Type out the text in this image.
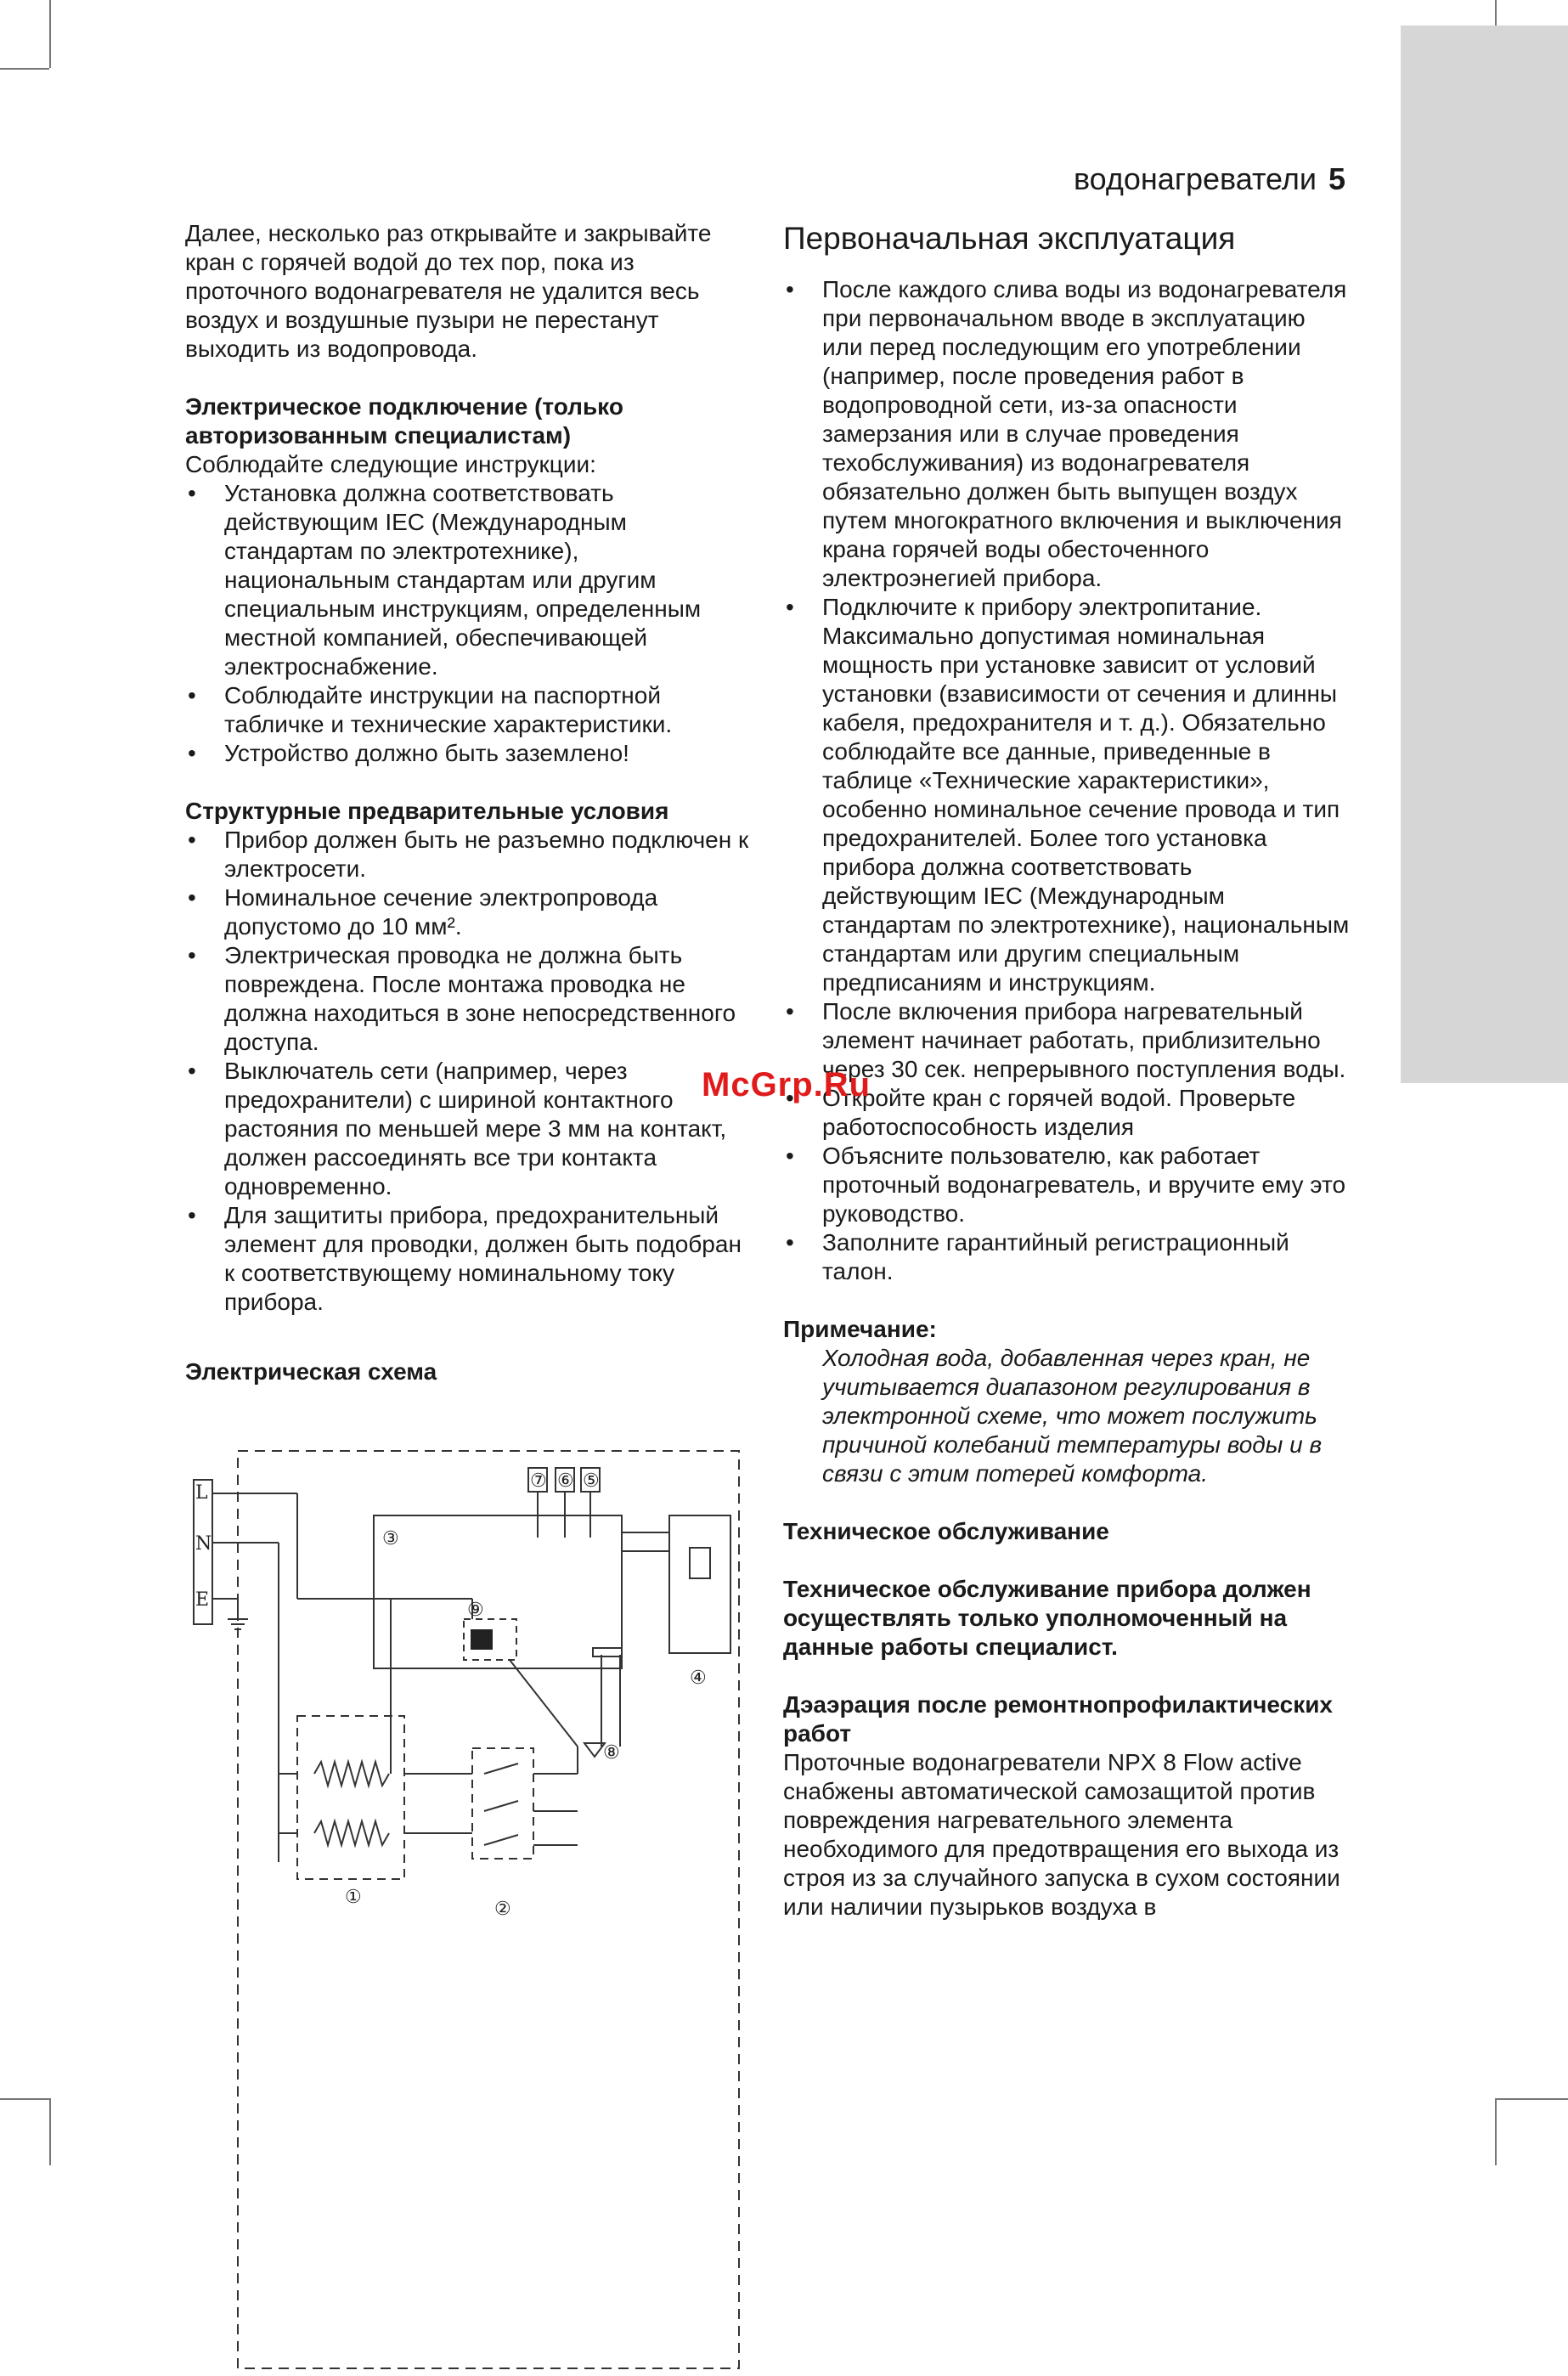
водонагреватели 5

Далее, несколько раз открывайте и закрывайте кран с горячей водой до тех пор, пока из проточного водонагревателя не удалится весь воздух и воздушные пузыри не перестанут выходить из водопровода.

Электрическое подключение (только авторизованным специалистам)

Соблюдайте следующие инструкции:

• Установка должна соответствовать действующим IEC (Международным стандартам по электротехнике), национальным стандартам или другим специальным инструкциям, определенным местной компанией, обеспечивающей электроснабжение.
• Соблюдайте инструкции на паспортной табличке и технические характеристики.
• Устройство должно быть заземлено!

Структурные предварительные условия

• Прибор должен быть не разъемно подключен к электросети.
• Номинальное сечение электропровода допустомо до 10 мм².
• Электрическая проводка не должна быть повреждена. После монтажа проводка не должна находиться в зоне непосредственного доступа.
• Выключатель сети (например, через предохранители) с шириной контактного растояния по меньшей мере 3 мм на контакт, должен рассоединять все три контакта одновременно.
• Для защититы прибора, предохранительный элемент для проводки, должен быть подобран к соответствующему номинальному току прибора.

Электрическая схема

L
N
E
③
④
⑤
⑥
⑦
⑧
⑨
①
②
Первоначальная эксплуатация
• После каждого слива воды из водонагревателя при первоначальном вводе в эксплуатацию или перед последующим его употреблении (например, после проведения работ в водопроводной сети, из-за опасности замерзания или в случае проведения техобслуживания) из водонагревателя обязательно должен быть выпущен воздух путем многократного включения и выключения крана горячей воды обесточенного электроэнегией прибора.
• Подключите к прибору электропитание. Максимально допустимая номинальная мощность при установке зависит от условий установки (взависимости от сечения и длинны кабеля, предохранителя и т. д.). Обязательно соблюдайте все данные, приведенные в таблице «Технические характеристики», особенно номинальное сечение провода и тип предохранителей. Более того установка прибора должна соответствовать действующим IEC (Международным стандартам по электротехнике), национальным стандартам или другим специальным предписаниям и инструкциям.
• После включения прибора нагревательный элемент начинает работать, приблизительно через 30 сек. непрерывного поступления воды.
• Откройте кран с горячей водой. Проверьте работоспособность изделия
• Объясните пользователю, как работает проточный водонагреватель, и вручите ему это руководство.
• Заполните гарантийный регистрационный талон.

Примечание:

Холодная вода, добавленная через кран, не учитывается диапазоном регулирования в электронной схеме, что может послужить причиной колебаний температуры воды и в связи с этим потерей комфорта.

Техническое обслуживание

Техническое обслуживание прибора должен осуществлять только уполномоченный на данные работы специалист.

Дэаэрация после ремонтнопрофилактических работ

Проточные водонагреватели NPX 8 Flow active снабжены автоматической самозащитой против повреждения нагревательного элемента необходимого для предотвращения его выхода из строя из за случайного запуска в сухом состоянии или наличии пузырьков воздуха в

McGrp.Ru
